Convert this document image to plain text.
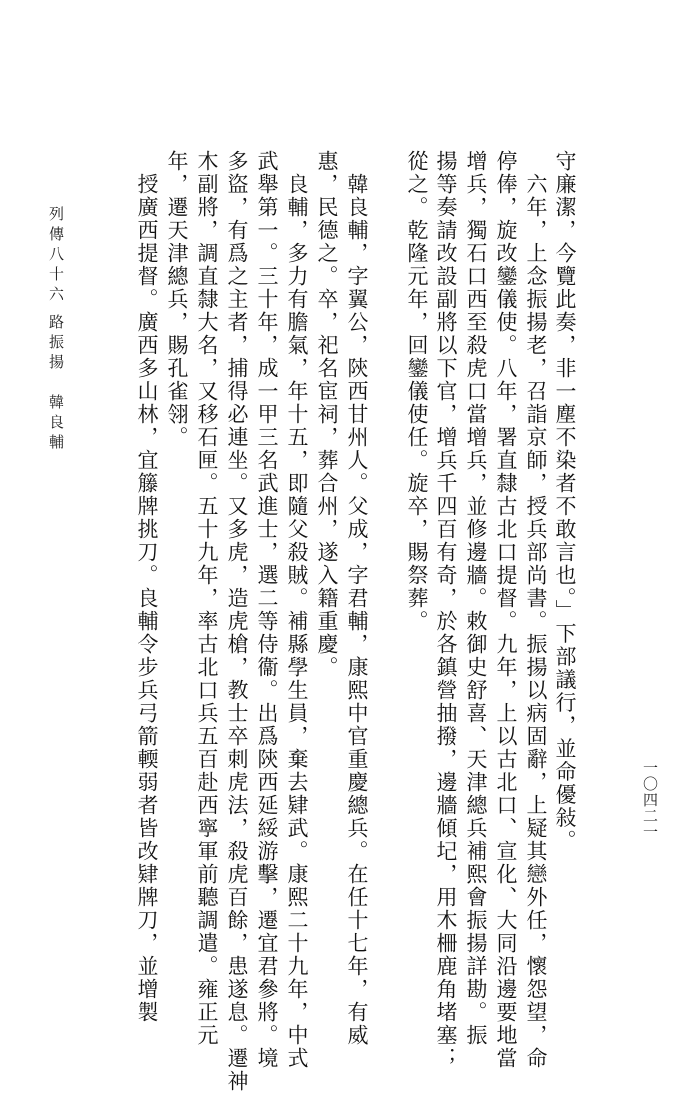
列傳八十六
路振揚　韓良輔
一〇四二一
守廉潔，今覽此奏，非一塵不染者不敢言也。」下部議行，並命優敍。
　六年，上念振揚老，召詣京師，授兵部尚書。振揚以病固辭，上疑其戀外任，懷怨望，命
停俸，旋改鑾儀使。八年，署直隸古北口提督。九年，上以古北口、宣化、大同沿邊要地當
增兵，獨石口西至殺虎口當增兵，並修邊牆。敕御史舒喜、天津總兵補熙會振揚詳勘。振
揚等奏請改設副將以下官，增兵千四百有奇，於各鎮營抽撥，邊牆傾圮，用木柵鹿角堵塞；
從之。乾隆元年，回鑾儀使任。旋卒，賜祭葬。
　韓良輔，字翼公，陝西甘州人。父成，字君輔，康熙中官重慶總兵。在任十七年，有威
惠，民德之。卒，祀名宦祠，葬合州，遂入籍重慶。
　良輔，多力有膽氣，年十五，即隨父殺賊。補縣學生員，棄去肄武。康熙二十九年，中式
武舉第一。三十年，成一甲三名武進士，選二等侍衞。出爲陝西延綏游擊，遷宜君參將。境
多盜，有爲之主者，捕得必連坐。又多虎，造虎槍，教士卒刺虎法，殺虎百餘，患遂息。遷神
木副將，調直隸大名，又移石匣。五十九年，率古北口兵五百赴西寧軍前聽調遣。雍正元
年，遷天津總兵，賜孔雀翎。
　授廣西提督。廣西多山林，宜籐牌挑刀。良輔令步兵弓箭輭弱者皆改肄牌刀，並增製
